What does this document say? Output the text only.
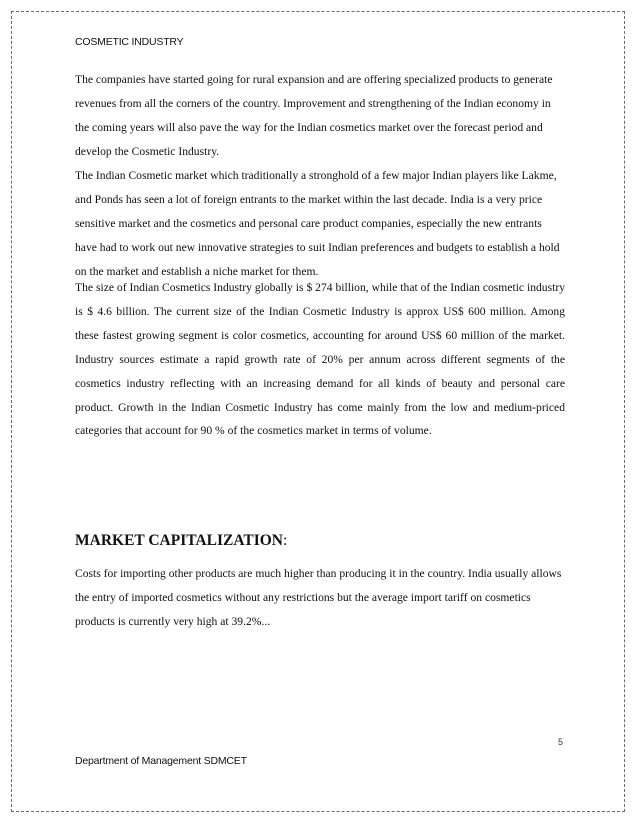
COSMETIC INDUSTRY

The companies have started going for rural expansion and are offering specialized products to generate revenues from all the corners of the country. Improvement and strengthening of the Indian economy in the coming years will also pave the way for the Indian cosmetics market over the forecast period and develop the Cosmetic Industry.

The Indian Cosmetic market which traditionally a stronghold of a few major Indian players like Lakme, and Ponds has seen a lot of foreign entrants to the market within the last decade. India is a very price sensitive market and the cosmetics and personal care product companies, especially the new entrants have had to work out new innovative strategies to suit Indian preferences and budgets to establish a hold on the market and establish a niche market for them.

The size of Indian Cosmetics Industry globally is $ 274 billion, while that of the Indian cosmetic industry is $ 4.6 billion. The current size of the Indian Cosmetic Industry is approx US$ 600 million. Among these fastest growing segment is color cosmetics, accounting for around US$ 60 million of the market. Industry sources estimate a rapid growth rate of 20% per annum across different segments of the cosmetics industry reflecting with an increasing demand for all kinds of beauty and personal care product. Growth in the Indian Cosmetic Industry has come mainly from the low and medium-priced categories that account for 90 % of the cosmetics market in terms of volume.

MARKET CAPITALIZATION:

Costs for importing other products are much higher than producing it in the country. India usually allows the entry of imported cosmetics without any restrictions but the average import tariff on cosmetics products is currently very high at 39.2%...

5
Department of Management SDMCET
